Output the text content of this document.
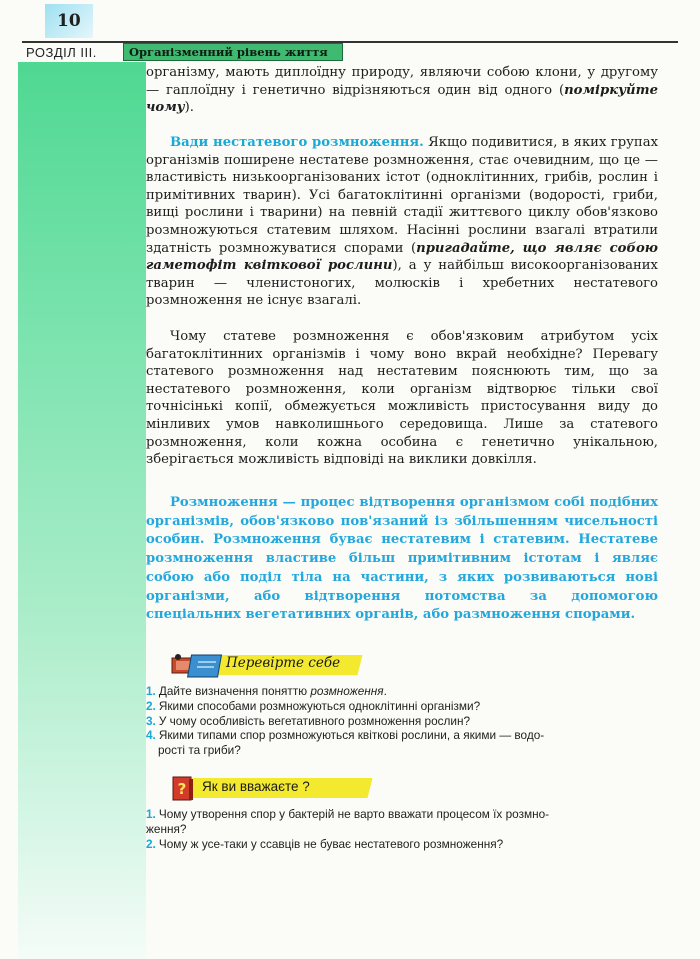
10
РОЗДІЛ III.	Організменний рівень життя

організму, мають диплоїдну природу, являючи собою клони, у другому — гаплоїдну і генетично відрізняються один від одного (поміркуйте чому).

Вади нестатевого розмноження. Якщо подивитися, в яких групах організмів поширене нестатеве розмноження, стає очевидним, що це — властивість низькоорганізованих істот (одноклітинних, грибів, рослин і примітивних тварин). Усі багатоклітинні організми (водорості, гриби, вищі рослини і тварини) на певній стадії життєвого циклу обов'язково розмножуються статевим шляхом. Насінні рослини взагалі втратили здатність розмножуватися спорами (пригадайте, що являє собою гаметофіт квіткової рослини), а у найбільш високоорганізованих тварин — членистоногих, молюсків і хребетних нестатевого розмноження не існує взагалі.

Чому статеве розмноження є обов'язковим атрибутом усіх багатоклітинних організмів і чому воно вкрай необхідне? Перевагу статевого розмноження над нестатевим пояснюють тим, що за нестатевого розмноження, коли організм відтворює тільки свої точнісінькі копії, обмежується можливість пристосування виду до мінливих умов навколишнього середовища. Лише за статевого розмноження, коли кожна особина є генетично унікальною, зберігається можливість відповіді на виклики довкілля.

Розмноження — процес відтворення організмом собі подібних організмів, обов'язково пов'язаний із збільшенням чисельності особин. Розмноження буває нестатевим і статевим. Нестатеве розмноження властиве більш примітивним істотам і являє собою або поділ тіла на частини, з яких розвиваються нові організми, або відтворення потомства за допомогою спеціальних вегетативних органів, або размноження спорами.

Перевірте себе
1. Дайте визначення поняттю розмноження.
2. Якими способами розмножуються одноклітинні організми?
3. У чому особливість вегетативного розмноження рослин?
4. Якими типами спор розмножуються квіткові рослини, а якими — водо-
рості та гриби?
? Як ви вважаєте ?
1. Чому утворення спор у бактерій не варто вважати процесом їх розмно-
ження?
2. Чому ж усе-таки у ссавців не буває нестатевого розмноження?
